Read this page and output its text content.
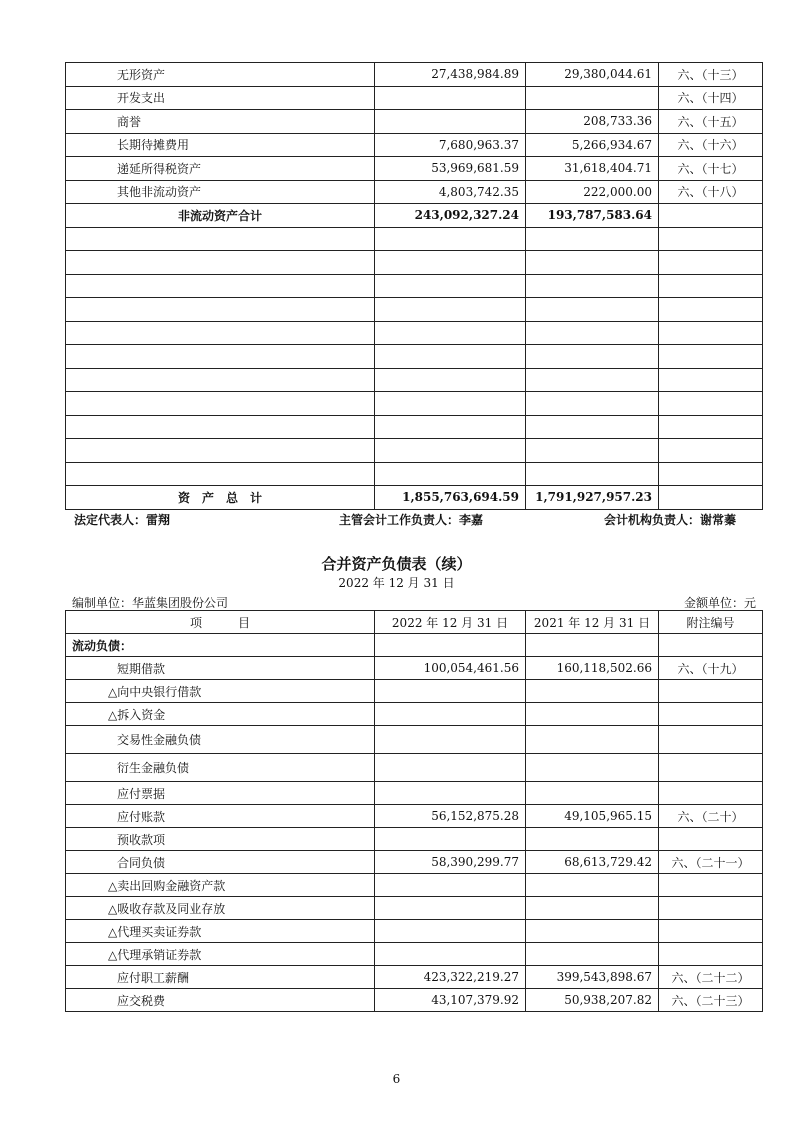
无形资产	27,438,984.89	29,380,044.61	六、（十三）
开发支出			六、（十四）
商誉		208,733.36	六、（十五）
长期待摊费用	7,680,963.37	5,266,934.67	六、（十六）
递延所得税资产	53,969,681.59	31,618,404.71	六、（十七）
其他非流动资产	4,803,742.35	222,000.00	六、（十八）
非流动资产合计	243,092,327.24	193,787,583.64	

资　产　总　计	1,855,763,694.59	1,791,927,957.23	
法定代表人：雷翔	主管会计工作负责人：李嘉	会计机构负责人：谢常蓁
合并资产负债表（续）
2022 年 12 月 31 日
编制单位：华蓝集团股份公司	金额单位：元
项　　　目	2022 年 12 月 31 日	2021 年 12 月 31 日	附注编号
流动负债：			
短期借款	100,054,461.56	160,118,502.66	六、（十九）
△向中央银行借款			
△拆入资金			
交易性金融负债			
衍生金融负债			
应付票据			
应付账款	56,152,875.28	49,105,965.15	六、（二十）
预收款项			
合同负债	58,390,299.77	68,613,729.42	六、（二十一）
△卖出回购金融资产款			
△吸收存款及同业存放			
△代理买卖证券款			
△代理承销证券款			
应付职工薪酬	423,322,219.27	399,543,898.67	六、（二十二）
应交税费	43,107,379.92	50,938,207.82	六、（二十三）
6
